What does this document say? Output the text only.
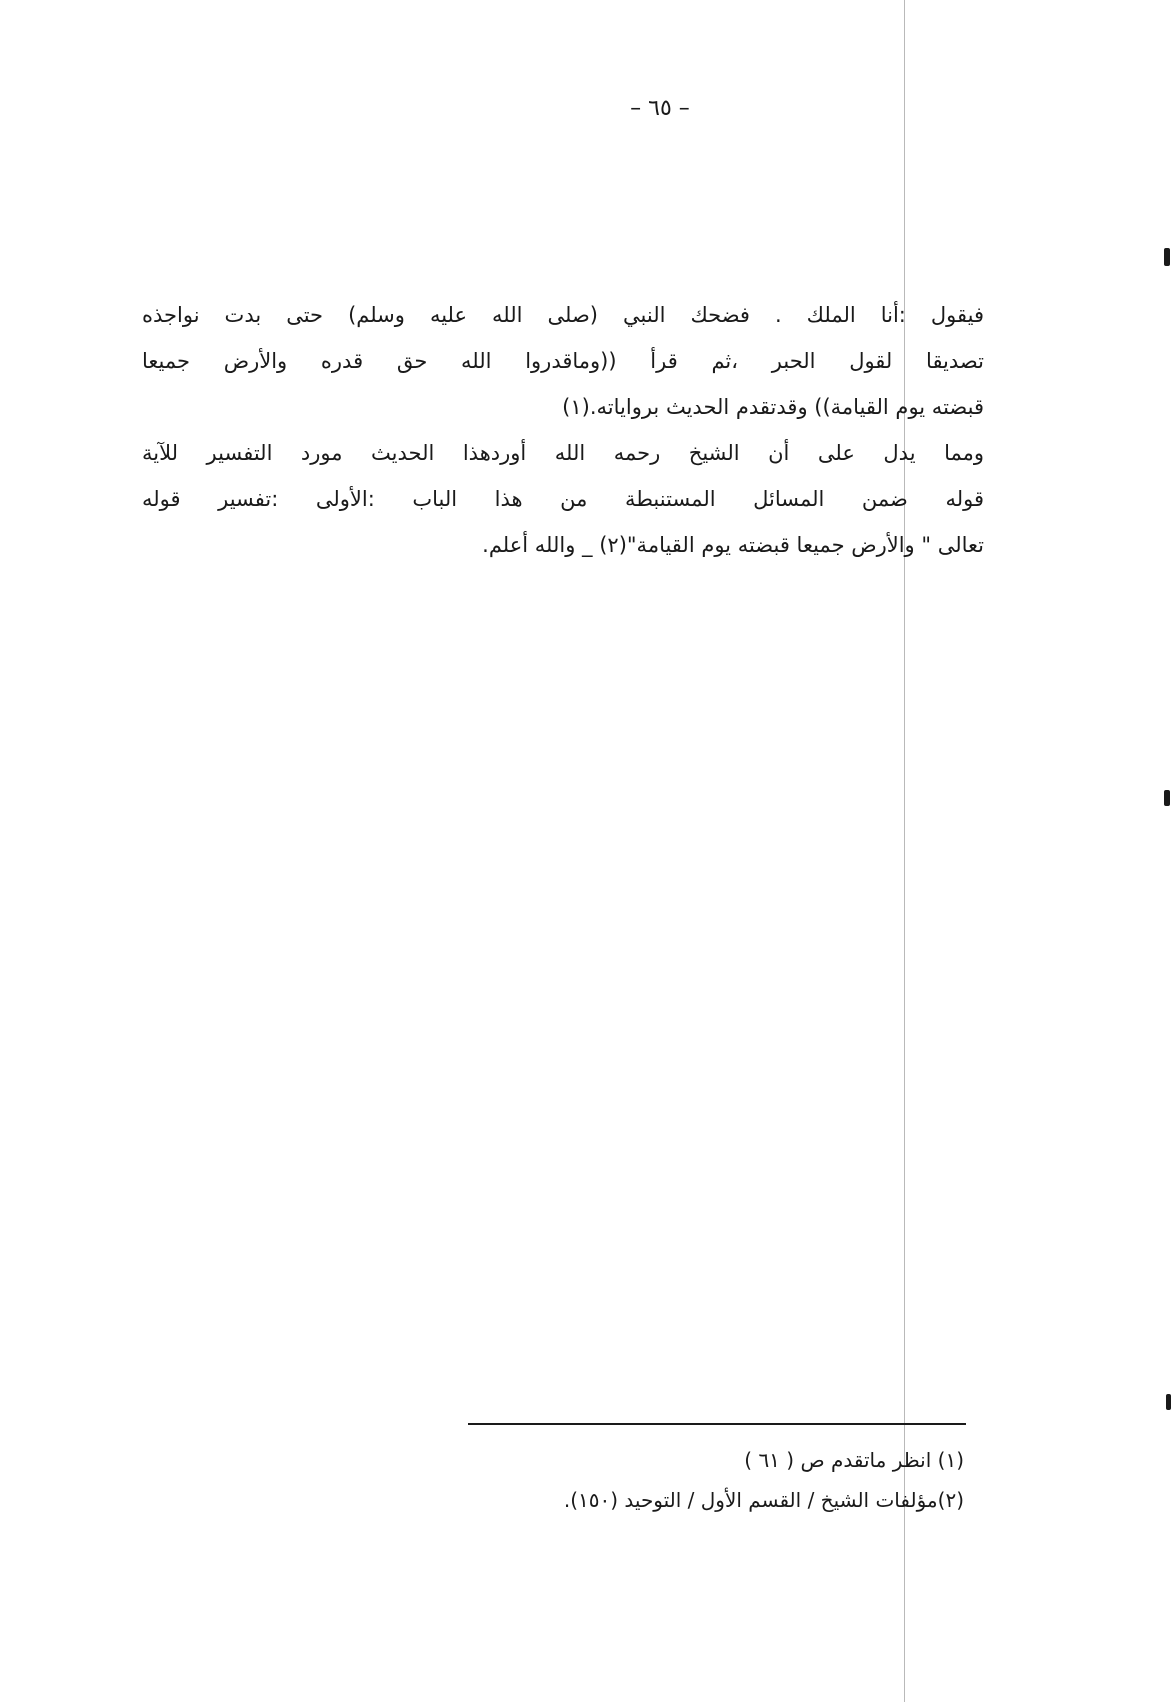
– ٦٥ –
فيقول :أنا الملك . فضحك النبي (صلى الله عليه وسلم) حتى بدت نواجذه
تصديقا لقول الحبر ،ثم قرأ ((وماقدروا الله حق قدره والأرض جميعا
قبضته يوم القيامة)) وقدتقدم الحديث برواياته.(١)
ومما يدل على أن الشيخ رحمه الله أوردهذا الحديث مورد التفسير للآية
قوله ضمن المسائل المستنبطة من هذا الباب :الأولى :تفسير قوله
تعالى " والأرض جميعا قبضته يوم القيامة"(٢) _ والله أعلم.
(١) انظر ماتقدم ص ( ٦١ )
(٢)مؤلفات الشيخ / القسم الأول / التوحيد (١٥٠).
